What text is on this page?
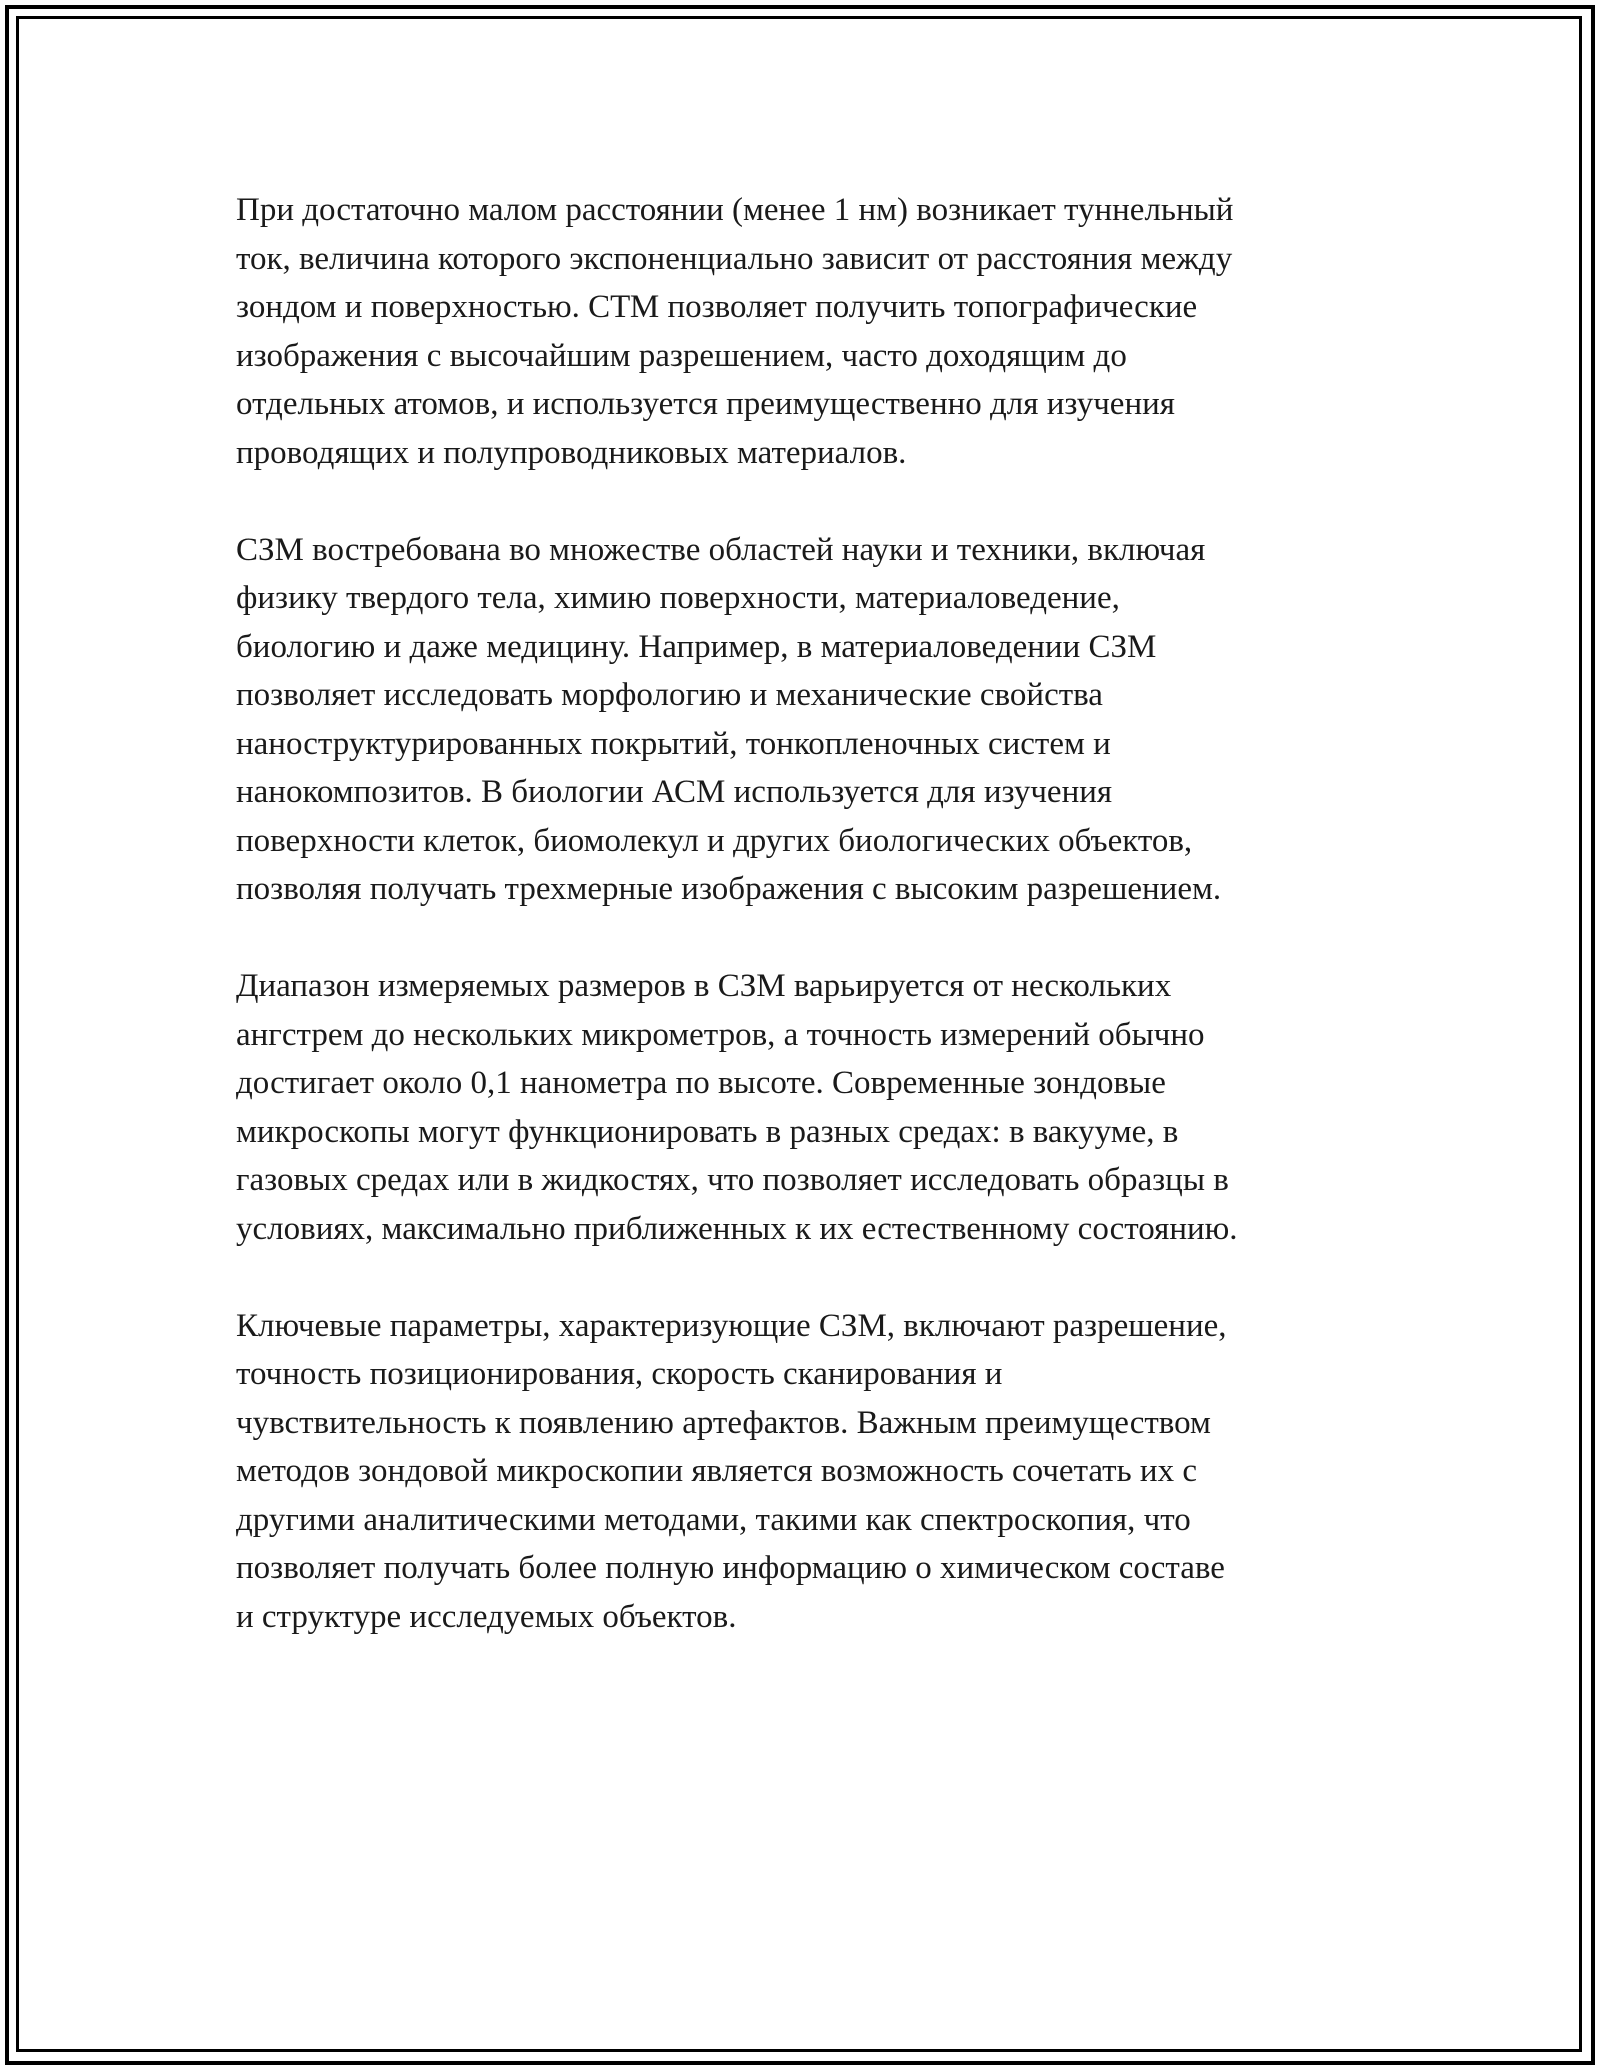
При достаточно малом расстоянии (менее 1 нм) возникает туннельный
ток, величина которого экспоненциально зависит от расстояния между
зондом и поверхностью. СТМ позволяет получить топографические
изображения с высочайшим разрешением, часто доходящим до
отдельных атомов, и используется преимущественно для изучения
проводящих и полупроводниковых материалов.

СЗМ востребована во множестве областей науки и техники, включая
физику твердого тела, химию поверхности, материаловедение,
биологию и даже медицину. Например, в материаловедении СЗМ
позволяет исследовать морфологию и механические свойства
наноструктурированных покрытий, тонкопленочных систем и
нанокомпозитов. В биологии АСМ используется для изучения
поверхности клеток, биомолекул и других биологических объектов,
позволяя получать трехмерные изображения с высоким разрешением.

Диапазон измеряемых размеров в СЗМ варьируется от нескольких
ангстрем до нескольких микрометров, а точность измерений обычно
достигает около 0,1 нанометра по высоте. Современные зондовые
микроскопы могут функционировать в разных средах: в вакууме, в
газовых средах или в жидкостях, что позволяет исследовать образцы в
условиях, максимально приближенных к их естественному состоянию.

Ключевые параметры, характеризующие СЗМ, включают разрешение,
точность позиционирования, скорость сканирования и
чувствительность к появлению артефактов. Важным преимуществом
методов зондовой микроскопии является возможность сочетать их с
другими аналитическими методами, такими как спектроскопия, что
позволяет получать более полную информацию о химическом составе
и структуре исследуемых объектов.
